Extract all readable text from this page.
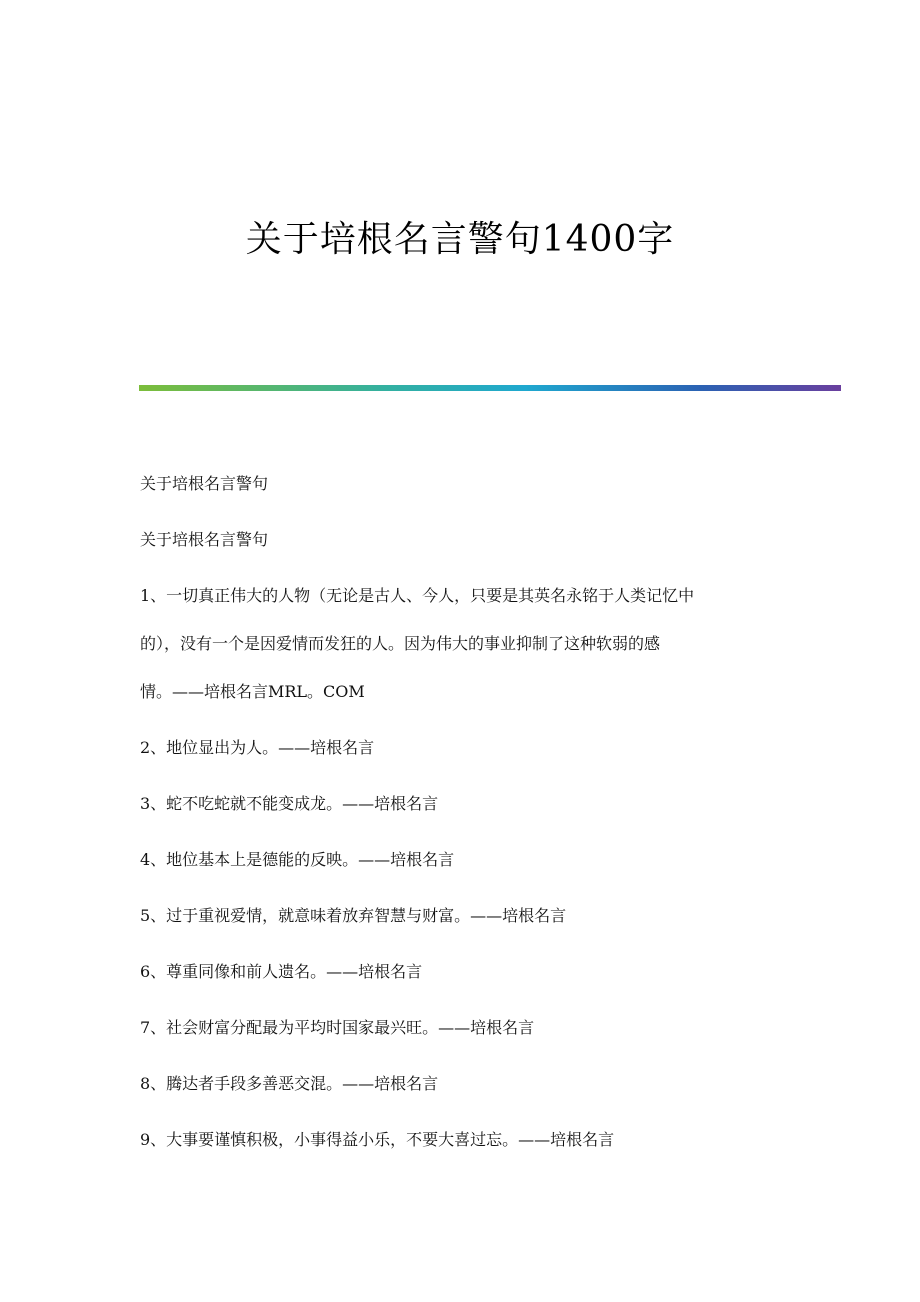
关于培根名言警句1400字

关于培根名言警句

关于培根名言警句

1、一切真正伟大的人物（无论是古人、今人，只要是其英名永铭于人类记忆中

的），没有一个是因爱情而发狂的人。因为伟大的事业抑制了这种软弱的感

情。——培根名言MRL。COM

2、地位显出为人。——培根名言

3、蛇不吃蛇就不能变成龙。——培根名言

4、地位基本上是德能的反映。——培根名言

5、过于重视爱情，就意味着放弃智慧与财富。——培根名言

6、尊重同像和前人遗名。——培根名言

7、社会财富分配最为平均时国家最兴旺。——培根名言

8、腾达者手段多善恶交混。——培根名言

9、大事要谨慎积极，小事得益小乐，不要大喜过忘。——培根名言
